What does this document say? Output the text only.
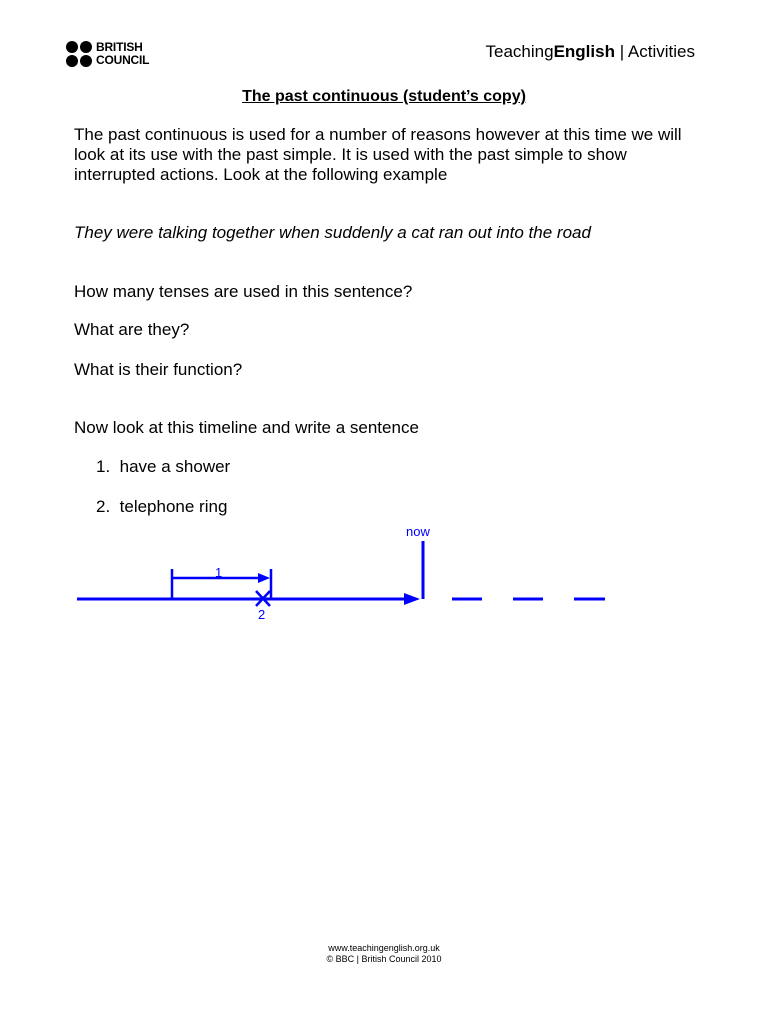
BRITISH
COUNCIL	TeachingEnglish | Activities
The past continuous (student’s copy)
The past continuous is used for a number of reasons however at this time we will look at its use with the past simple. It is used with the past simple to show interrupted actions. Look at the following example
They were talking together when suddenly a cat ran out into the road
How many tenses are used in this sentence?
What are they?
What is their function?
Now look at this timeline and write a sentence
1. have a shower
2. telephone ring
now
1
2
www.teachingenglish.org.uk
© BBC | British Council 2010
